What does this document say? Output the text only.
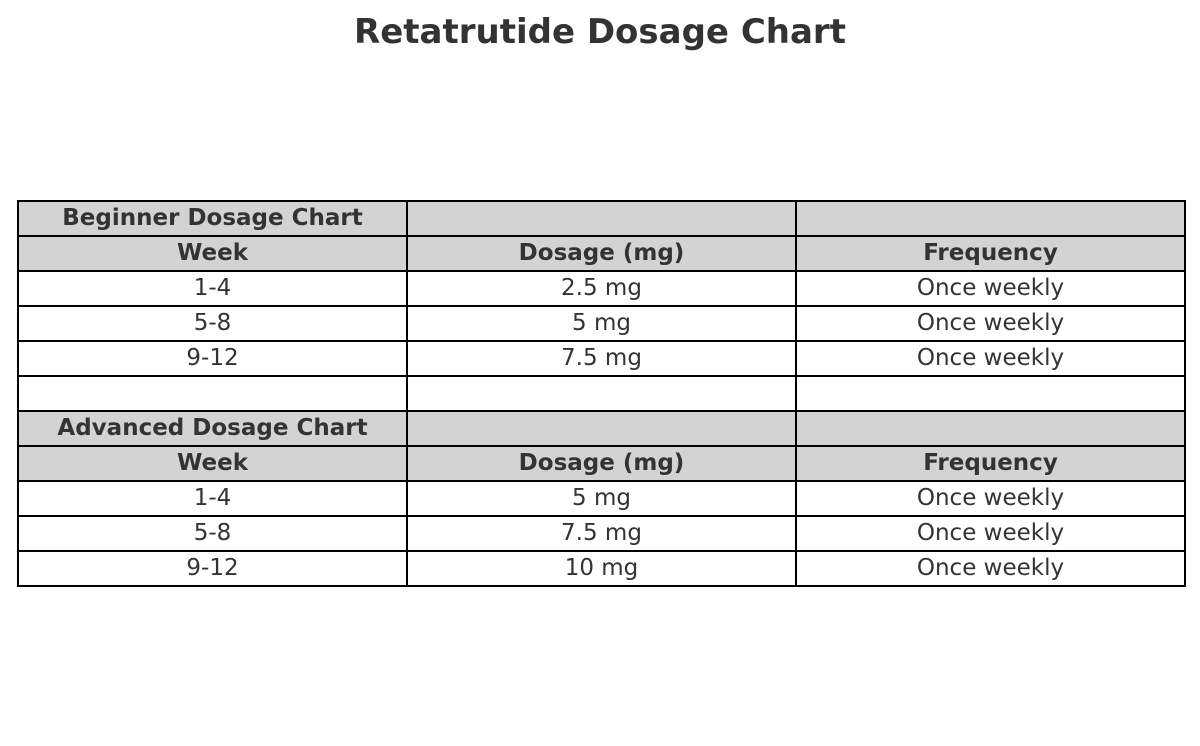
Retatrutide Dosage Chart
Beginner Dosage Chart		
Week	Dosage (mg)	Frequency
1-4	2.5 mg	Once weekly
5-8	5 mg	Once weekly
9-12	7.5 mg	Once weekly

Advanced Dosage Chart		
Week	Dosage (mg)	Frequency
1-4	5 mg	Once weekly
5-8	7.5 mg	Once weekly
9-12	10 mg	Once weekly
